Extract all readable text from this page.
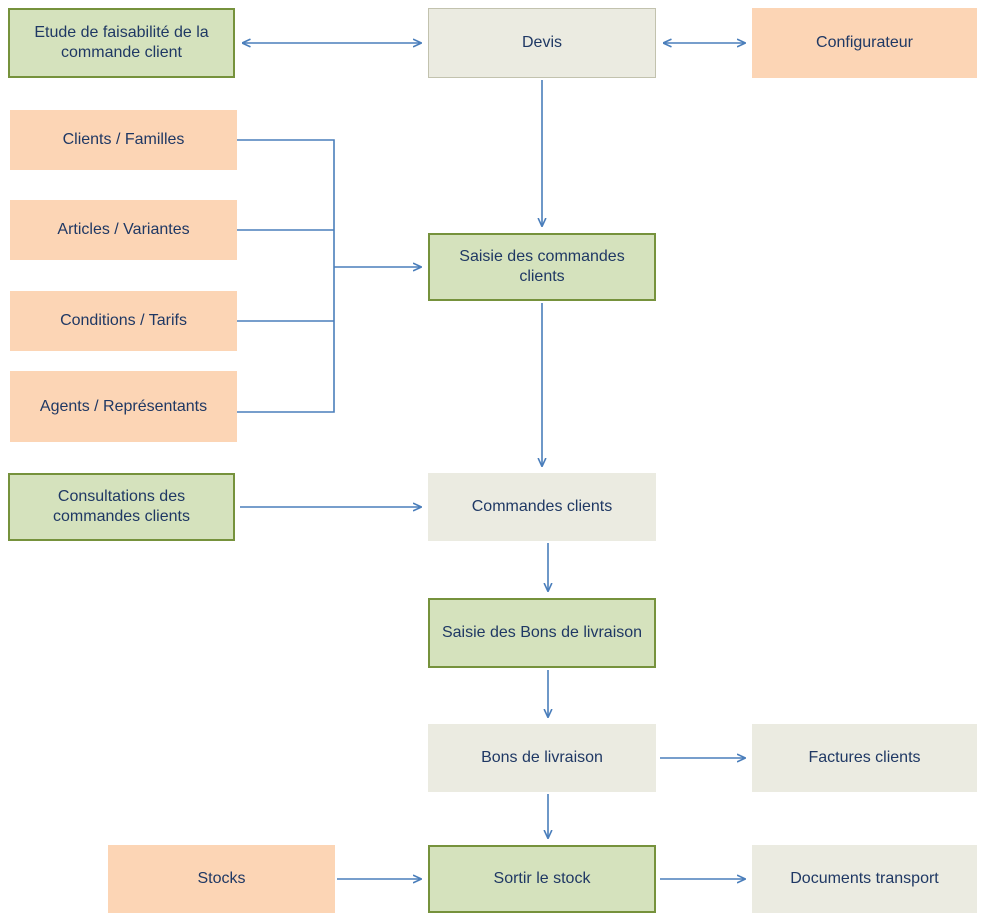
Etude de faisabilité de la commande client
Devis	Configurateur
Clients / Familles
Articles / Variantes
Conditions / Tarifs
Agents / Représentants
Saisie des commandes clients
Consultations des commandes clients
Commandes clients
Saisie des Bons de livraison
Bons de livraison	Factures clients
Stocks	Sortir le stock	Documents transport
